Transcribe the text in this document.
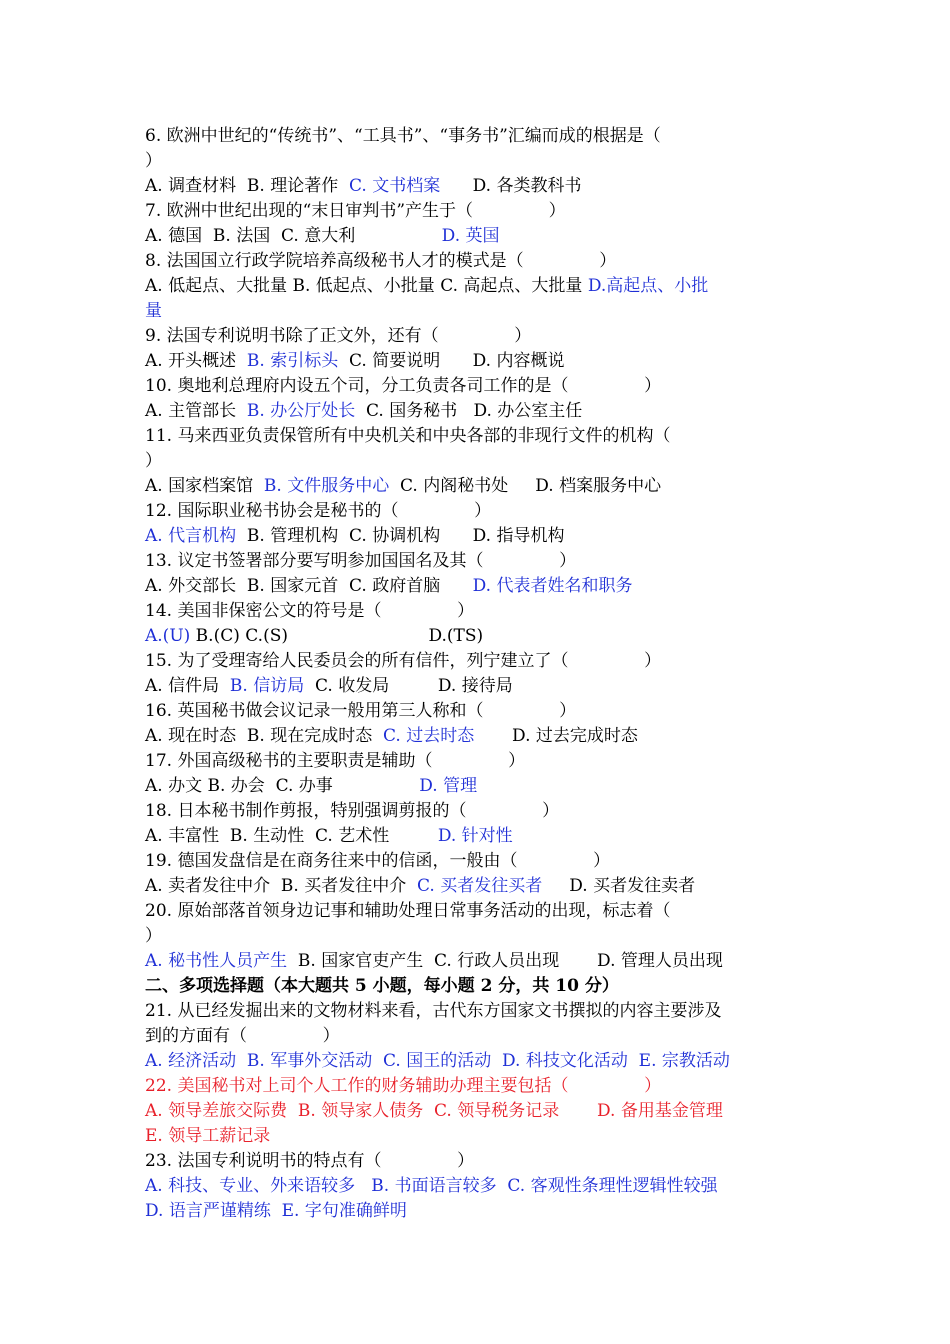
6. 欧洲中世纪的“传统书”、“工具书”、“事务书”汇编而成的根据是（
）
A. 调查材料  B. 理论著作  C. 文书档案      D. 各类教科书
7. 欧洲中世纪出现的“末日审判书”产生于（              ）
A. 德国  B. 法国  C. 意大利                D. 英国
8. 法国国立行政学院培养高级秘书人才的模式是（              ）
A. 低起点、大批量 B. 低起点、小批量 C. 高起点、大批量 D.高起点、小批
量
9. 法国专利说明书除了正文外，还有（              ）
A. 开头概述  B. 索引标头  C. 简要说明      D. 内容概说
10. 奥地利总理府内设五个司，分工负责各司工作的是（              ）
A. 主管部长  B. 办公厅处长  C. 国务秘书   D. 办公室主任
11. 马来西亚负责保管所有中央机关和中央各部的非现行文件的机构（
）
A. 国家档案馆  B. 文件服务中心  C. 内阁秘书处     D. 档案服务中心
12. 国际职业秘书协会是秘书的（              ）
A. 代言机构  B. 管理机构  C. 协调机构      D. 指导机构
13. 议定书签署部分要写明参加国国名及其（              ）
A. 外交部长  B. 国家元首  C. 政府首脑      D. 代表者姓名和职务
14. 美国非保密公文的符号是（              ）
A.(U) B.(C) C.(S)                          D.(TS)
15. 为了受理寄给人民委员会的所有信件，列宁建立了（              ）
A. 信件局  B. 信访局  C. 收发局         D. 接待局
16. 英国秘书做会议记录一般用第三人称和（              ）
A. 现在时态  B. 现在完成时态  C. 过去时态       D. 过去完成时态
17. 外国高级秘书的主要职责是辅助（              ）
A. 办文 B. 办会  C. 办事                D. 管理
18. 日本秘书制作剪报，特别强调剪报的（              ）
A. 丰富性  B. 生动性  C. 艺术性         D. 针对性
19. 德国发盘信是在商务往来中的信函，一般由（              ）
A. 卖者发往中介  B. 买者发往中介  C. 买者发往买者     D. 买者发往卖者
20. 原始部落首领身边记事和辅助处理日常事务活动的出现，标志着（
）
A. 秘书性人员产生  B. 国家官吏产生  C. 行政人员出现       D. 管理人员出现
二、多项选择题（本大题共 5 小题，每小题 2 分，共 10 分）
21. 从已经发掘出来的文物材料来看，古代东方国家文书撰拟的内容主要涉及
到的方面有（              ）
A. 经济活动  B. 军事外交活动  C. 国王的活动  D. 科技文化活动  E. 宗教活动
22. 美国秘书对上司个人工作的财务辅助办理主要包括（              ）
A. 领导差旅交际费  B. 领导家人债务  C. 领导税务记录       D. 备用基金管理
E. 领导工薪记录
23. 法国专利说明书的特点有（              ）
A. 科技、专业、外来语较多   B. 书面语言较多  C. 客观性条理性逻辑性较强
D. 语言严谨精练  E. 字句准确鲜明
